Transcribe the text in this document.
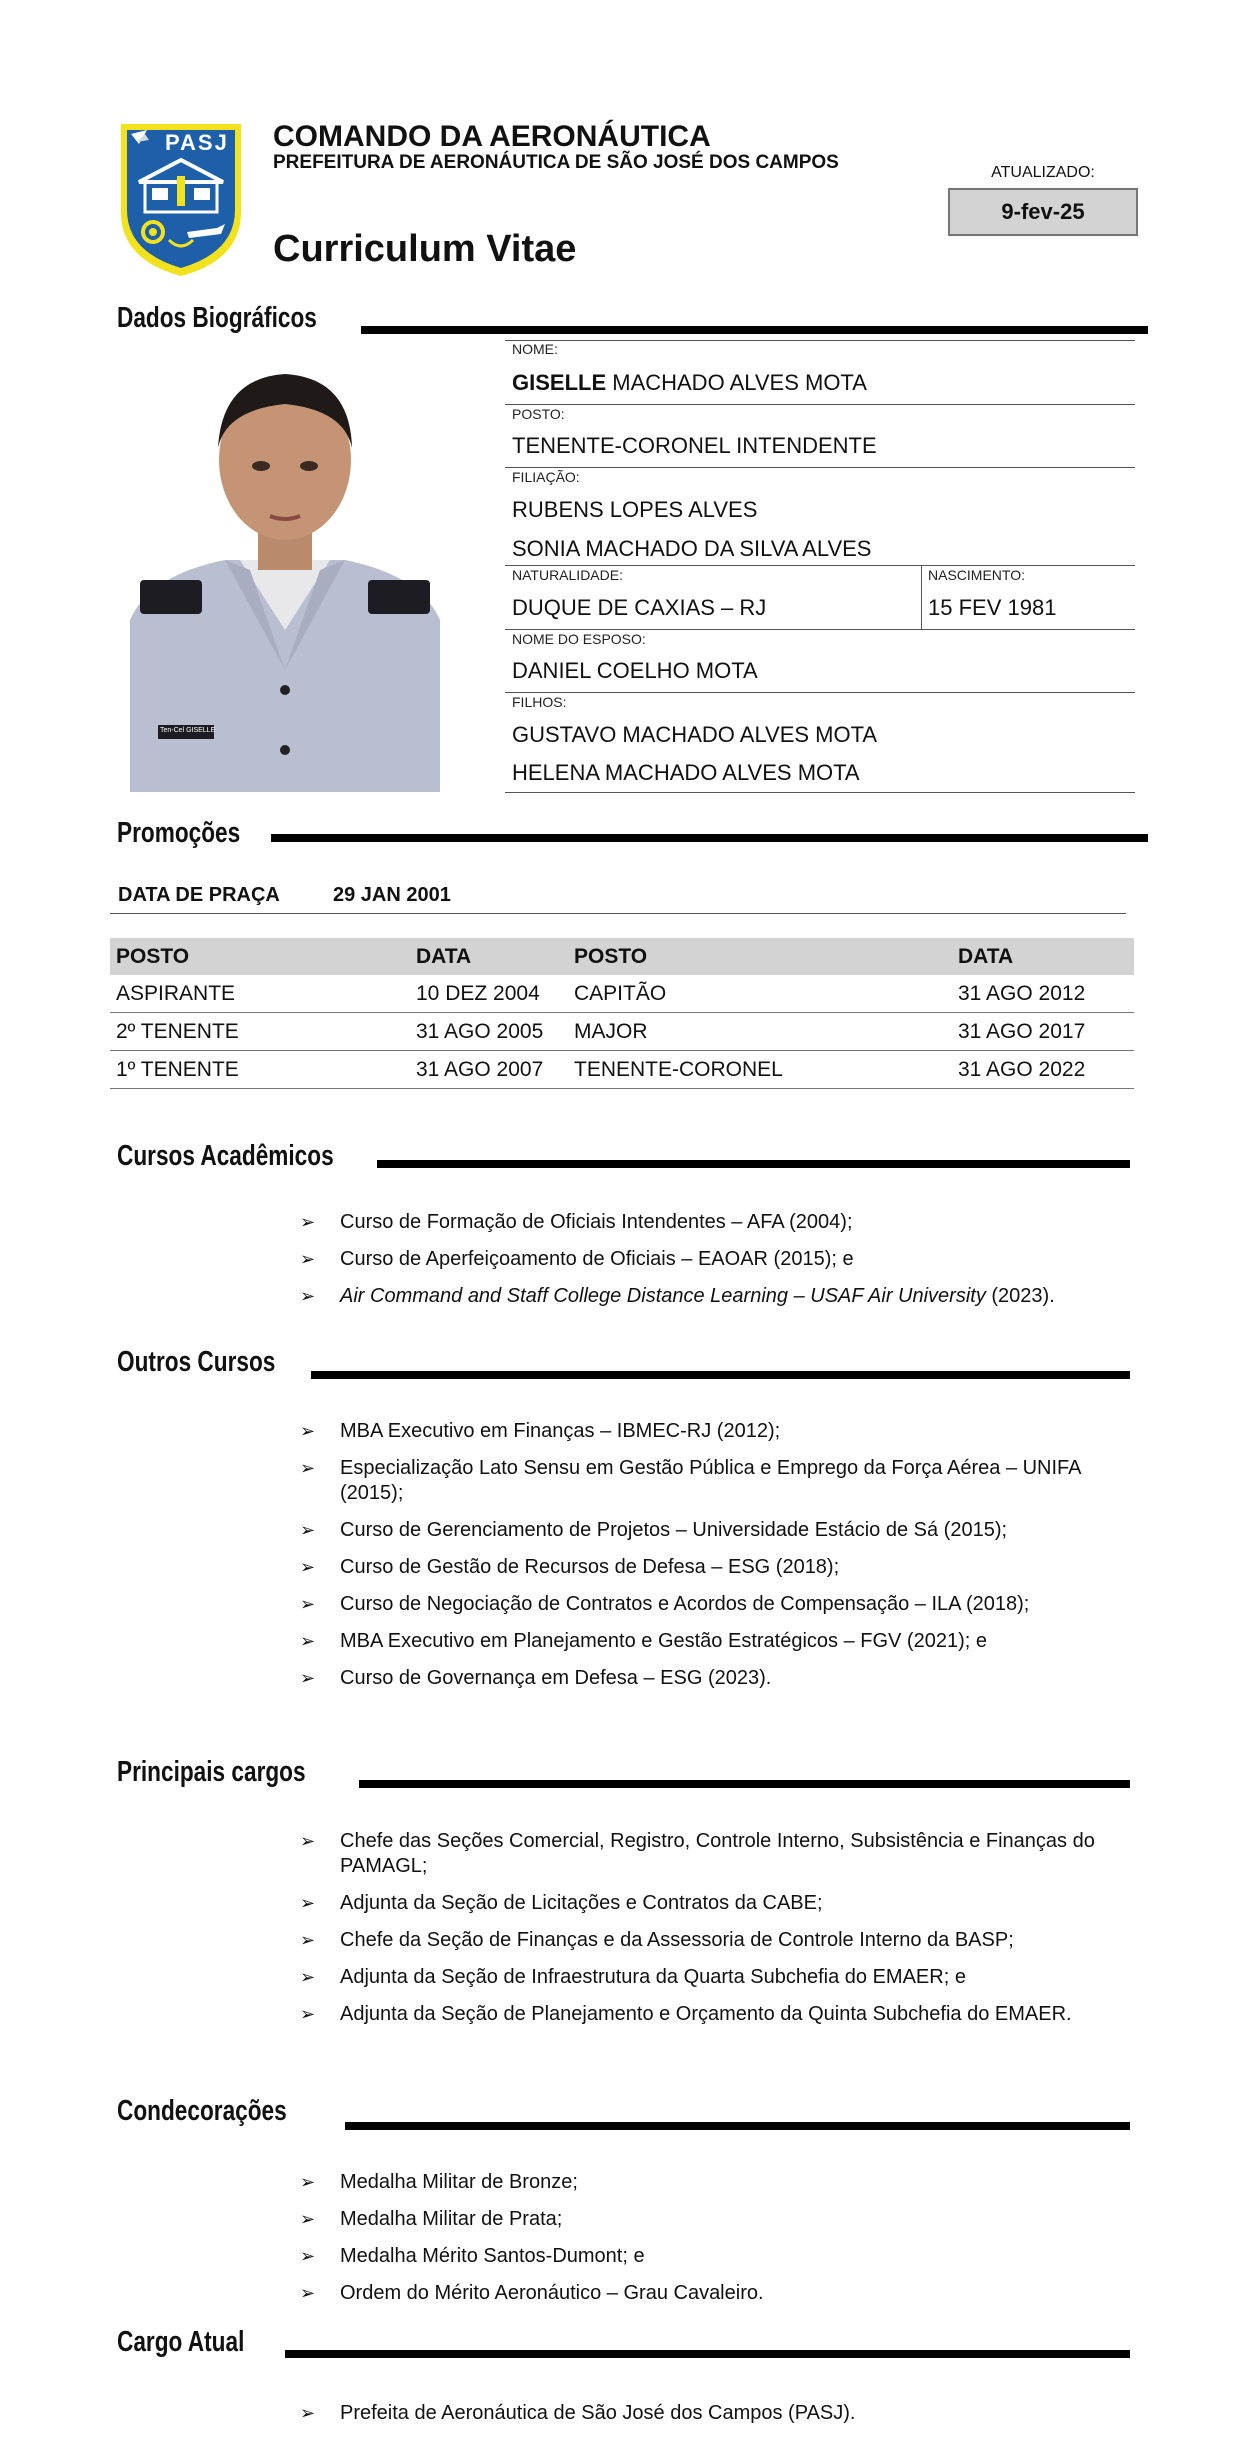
PASJ COMANDO DA AERONÁUTICA
PREFEITURA DE AERONÁUTICA DE SÃO JOSÉ DOS CAMPOS
Curriculum Vitae
ATUALIZADO:
9-fev-25
Dados Biográficos
Ten-Cel GISELLE
NOME:
GISELLE MACHADO ALVES MOTA
POSTO:
TENENTE-CORONEL INTENDENTE
FILIAÇÃO:
RUBENS LOPES ALVES
SONIA MACHADO DA SILVA ALVES
NATURALIDADE:
DUQUE DE CAXIAS – RJ
NASCIMENTO:
15 FEV 1981
NOME DO ESPOSO:
DANIEL COELHO MOTA
FILHOS:
GUSTAVO MACHADO ALVES MOTA
HELENA MACHADO ALVES MOTA
Promoções
DATA DE PRAÇA	29 JAN 2001
POSTO	DATA	POSTO	DATA
ASPIRANTE	10 DEZ 2004	CAPITÃO	31 AGO 2012
2º TENENTE	31 AGO 2005	MAJOR	31 AGO 2017
1º TENENTE	31 AGO 2007	TENENTE-CORONEL	31 AGO 2022
Cursos Acadêmicos
➢ Curso de Formação de Oficiais Intendentes – AFA (2004);
➢ Curso de Aperfeiçoamento de Oficiais – EAOAR (2015); e
➢ Air Command and Staff College Distance Learning – USAF Air University (2023).
Outros Cursos
➢ MBA Executivo em Finanças – IBMEC-RJ (2012);
➢ Especialização Lato Sensu em Gestão Pública e Emprego da Força Aérea – UNIFA (2015);
➢ Curso de Gerenciamento de Projetos – Universidade Estácio de Sá (2015);
➢ Curso de Gestão de Recursos de Defesa – ESG (2018);
➢ Curso de Negociação de Contratos e Acordos de Compensação – ILA (2018);
➢ MBA Executivo em Planejamento e Gestão Estratégicos – FGV (2021); e
➢ Curso de Governança em Defesa – ESG (2023).
Principais cargos
➢ Chefe das Seções Comercial, Registro, Controle Interno, Subsistência e Finanças do PAMAGL;
➢ Adjunta da Seção de Licitações e Contratos da CABE;
➢ Chefe da Seção de Finanças e da Assessoria de Controle Interno da BASP;
➢ Adjunta da Seção de Infraestrutura da Quarta Subchefia do EMAER; e
➢ Adjunta da Seção de Planejamento e Orçamento da Quinta Subchefia do EMAER.
Condecorações
➢ Medalha Militar de Bronze;
➢ Medalha Militar de Prata;
➢ Medalha Mérito Santos-Dumont; e
➢ Ordem do Mérito Aeronáutico – Grau Cavaleiro.
Cargo Atual
➢ Prefeita de Aeronáutica de São José dos Campos (PASJ).
